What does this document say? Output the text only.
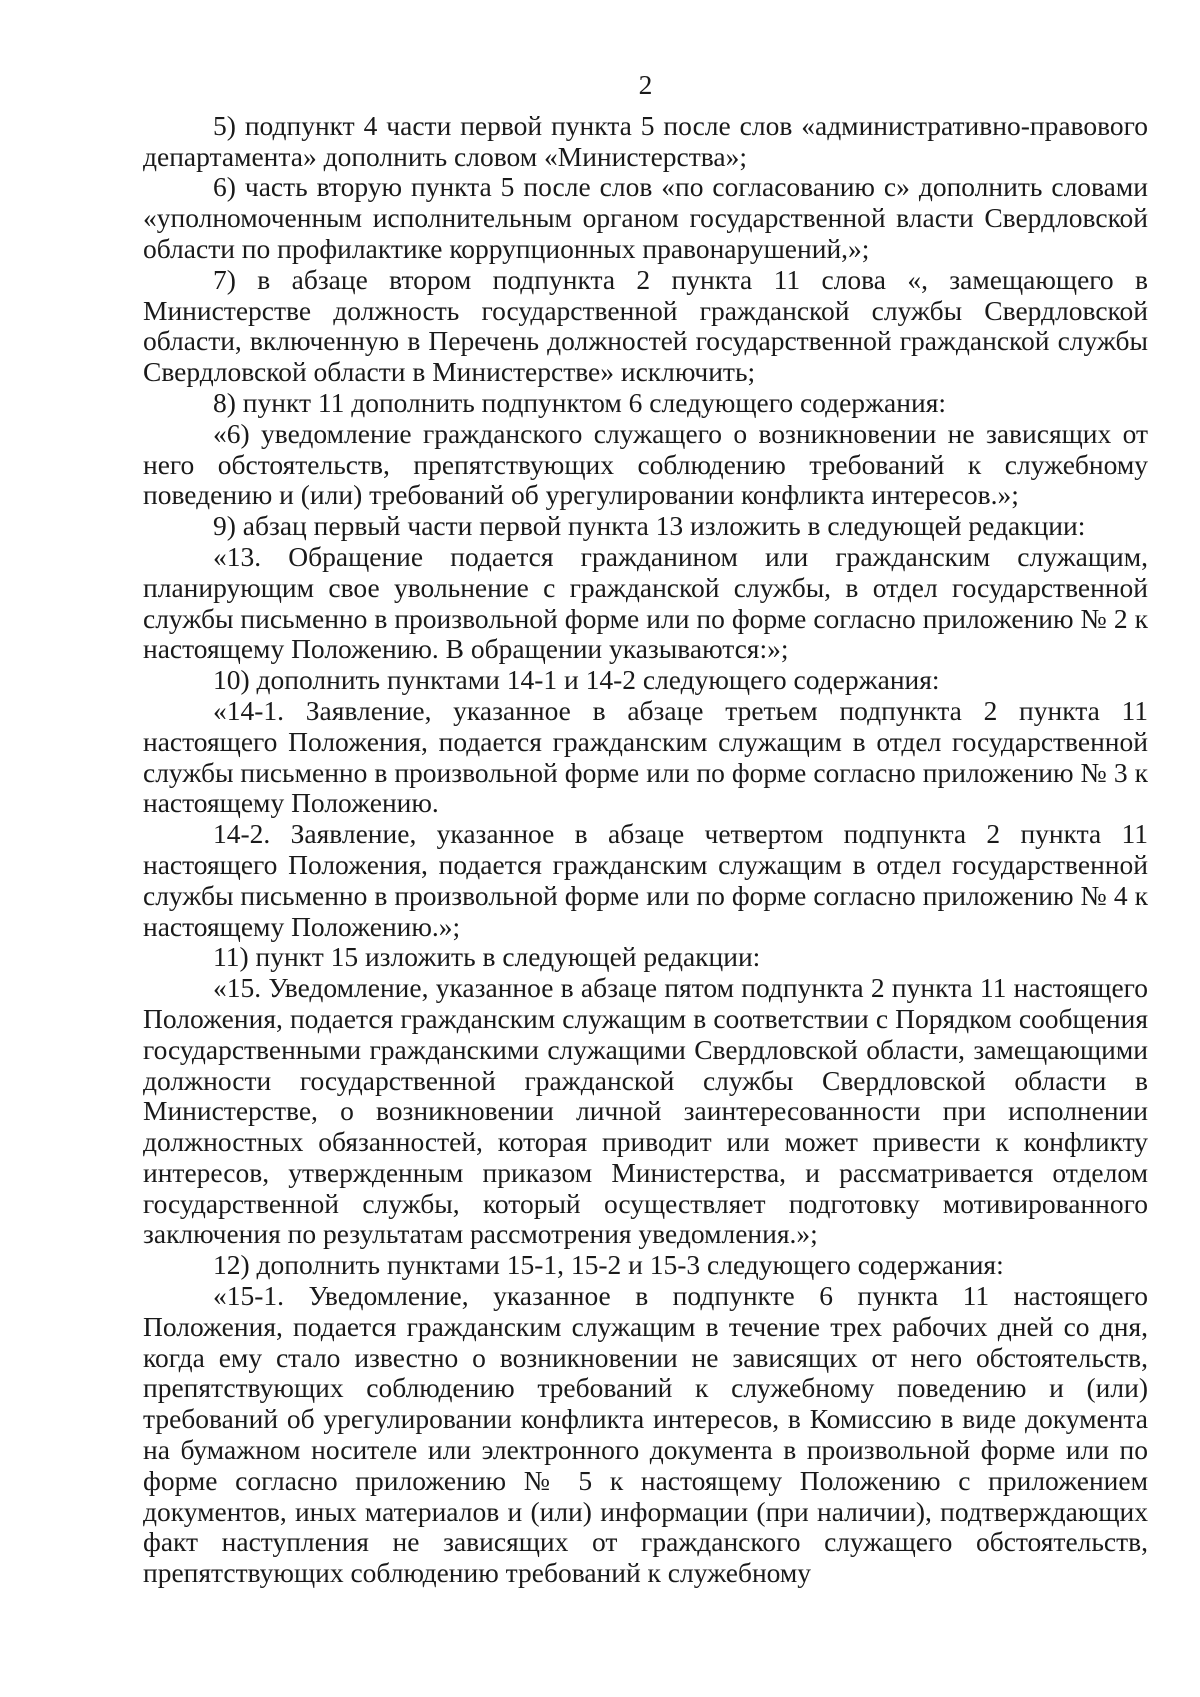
2

5) подпункт 4 части первой пункта 5 после слов «административно-правового департамента» дополнить словом «Министерства»;

6) часть вторую пункта 5 после слов «по согласованию с» дополнить словами «уполномоченным исполнительным органом государственной власти Свердловской области по профилактике коррупционных правонарушений,»;

7) в абзаце втором подпункта 2 пункта 11 слова «, замещающего в Министерстве должность государственной гражданской службы Свердловской области, включенную в Перечень должностей государственной гражданской службы Свердловской области в Министерстве» исключить;

8) пункт 11 дополнить подпунктом 6 следующего содержания:

«6) уведомление гражданского служащего о возникновении не зависящих от него обстоятельств, препятствующих соблюдению требований к служебному поведению и (или) требований об урегулировании конфликта интересов.»;

9) абзац первый части первой пункта 13 изложить в следующей редакции:

«13. Обращение подается гражданином или гражданским служащим, планирующим свое увольнение с гражданской службы, в отдел государственной службы письменно в произвольной форме или по форме согласно приложению № 2 к настоящему Положению. В обращении указываются:»;

10) дополнить пунктами 14-1 и 14-2 следующего содержания:

«14-1. Заявление, указанное в абзаце третьем подпункта 2 пункта 11 настоящего Положения, подается гражданским служащим в отдел государственной службы письменно в произвольной форме или по форме согласно приложению № 3 к настоящему Положению.

14-2. Заявление, указанное в абзаце четвертом подпункта 2 пункта 11 настоящего Положения, подается гражданским служащим в отдел государственной службы письменно в произвольной форме или по форме согласно приложению № 4 к настоящему Положению.»;

11) пункт 15 изложить в следующей редакции:

«15. Уведомление, указанное в абзаце пятом подпункта 2 пункта 11 настоящего Положения, подается гражданским служащим в соответствии с Порядком сообщения государственными гражданскими служащими Свердловской области, замещающими должности государственной гражданской службы Свердловской области в Министерстве, о возникновении личной заинтересованности при исполнении должностных обязанностей, которая приводит или может привести к конфликту интересов, утвержденным приказом Министерства, и рассматривается отделом государственной службы, который осуществляет подготовку мотивированного заключения по результатам рассмотрения уведомления.»;

12) дополнить пунктами 15-1, 15-2 и 15-3 следующего содержания:

«15-1. Уведомление, указанное в подпункте 6 пункта 11 настоящего Положения, подается гражданским служащим в течение трех рабочих дней со дня, когда ему стало известно о возникновении не зависящих от него обстоятельств, препятствующих соблюдению требований к служебному поведению и (или) требований об урегулировании конфликта интересов, в Комиссию в виде документа на бумажном носителе или электронного документа в произвольной форме или по форме согласно приложению № 5 к настоящему Положению с приложением документов, иных материалов и (или) информации (при наличии), подтверждающих факт наступления не зависящих от гражданского служащего обстоятельств, препятствующих соблюдению требований к служебному
